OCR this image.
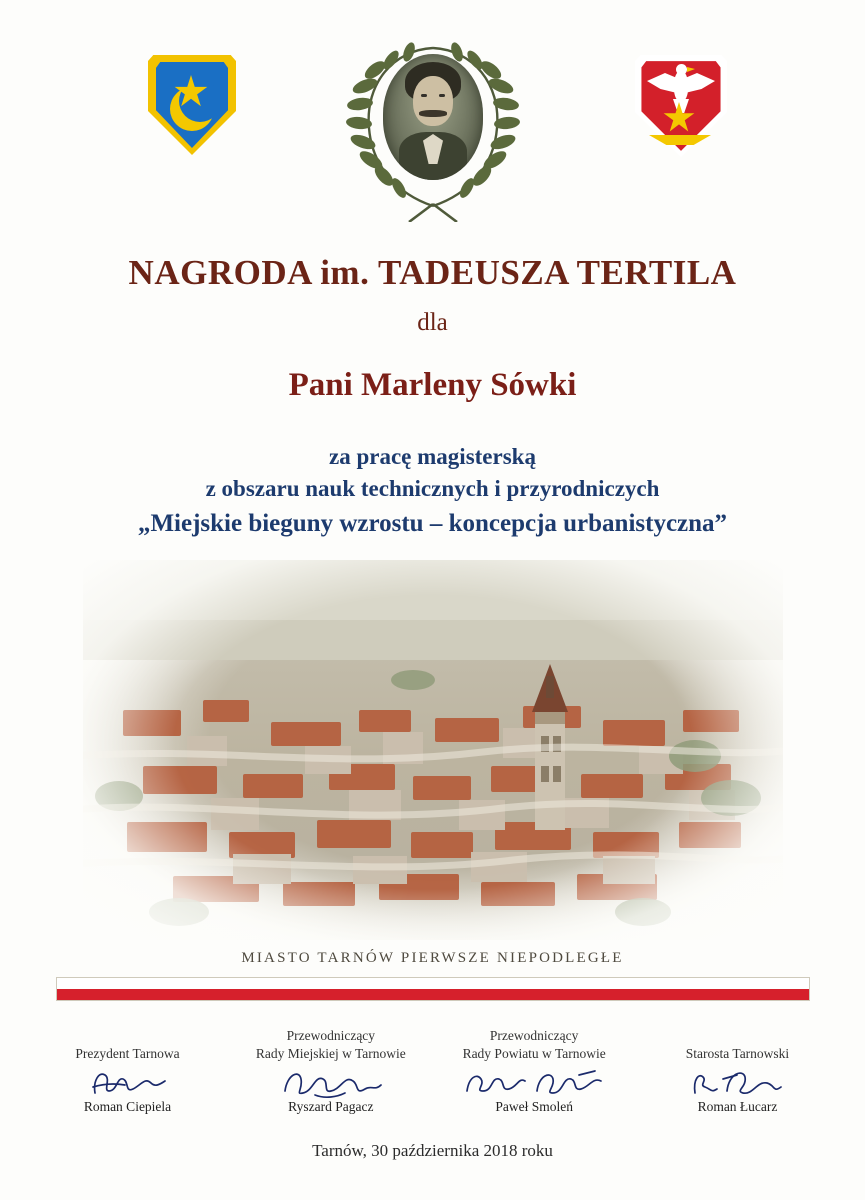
NAGRODA im. TADEUSZA TERTILA
dla
Pani Marleny Sówki
za pracę magisterską
z obszaru nauk technicznych i przyrodniczych
„Miejskie bieguny wzrostu – koncepcja urbanistyczna”
MIASTO TARNÓW PIERWSZE NIEPODLEGŁE
Prezydent Tarnowa
Roman Ciepiela
Przewodniczący
Rady Miejskiej w Tarnowie
Ryszard Pagacz
Przewodniczący
Rady Powiatu w Tarnowie
Paweł Smoleń
Starosta Tarnowski
Roman Łucarz
Tarnów, 30 października 2018 roku
